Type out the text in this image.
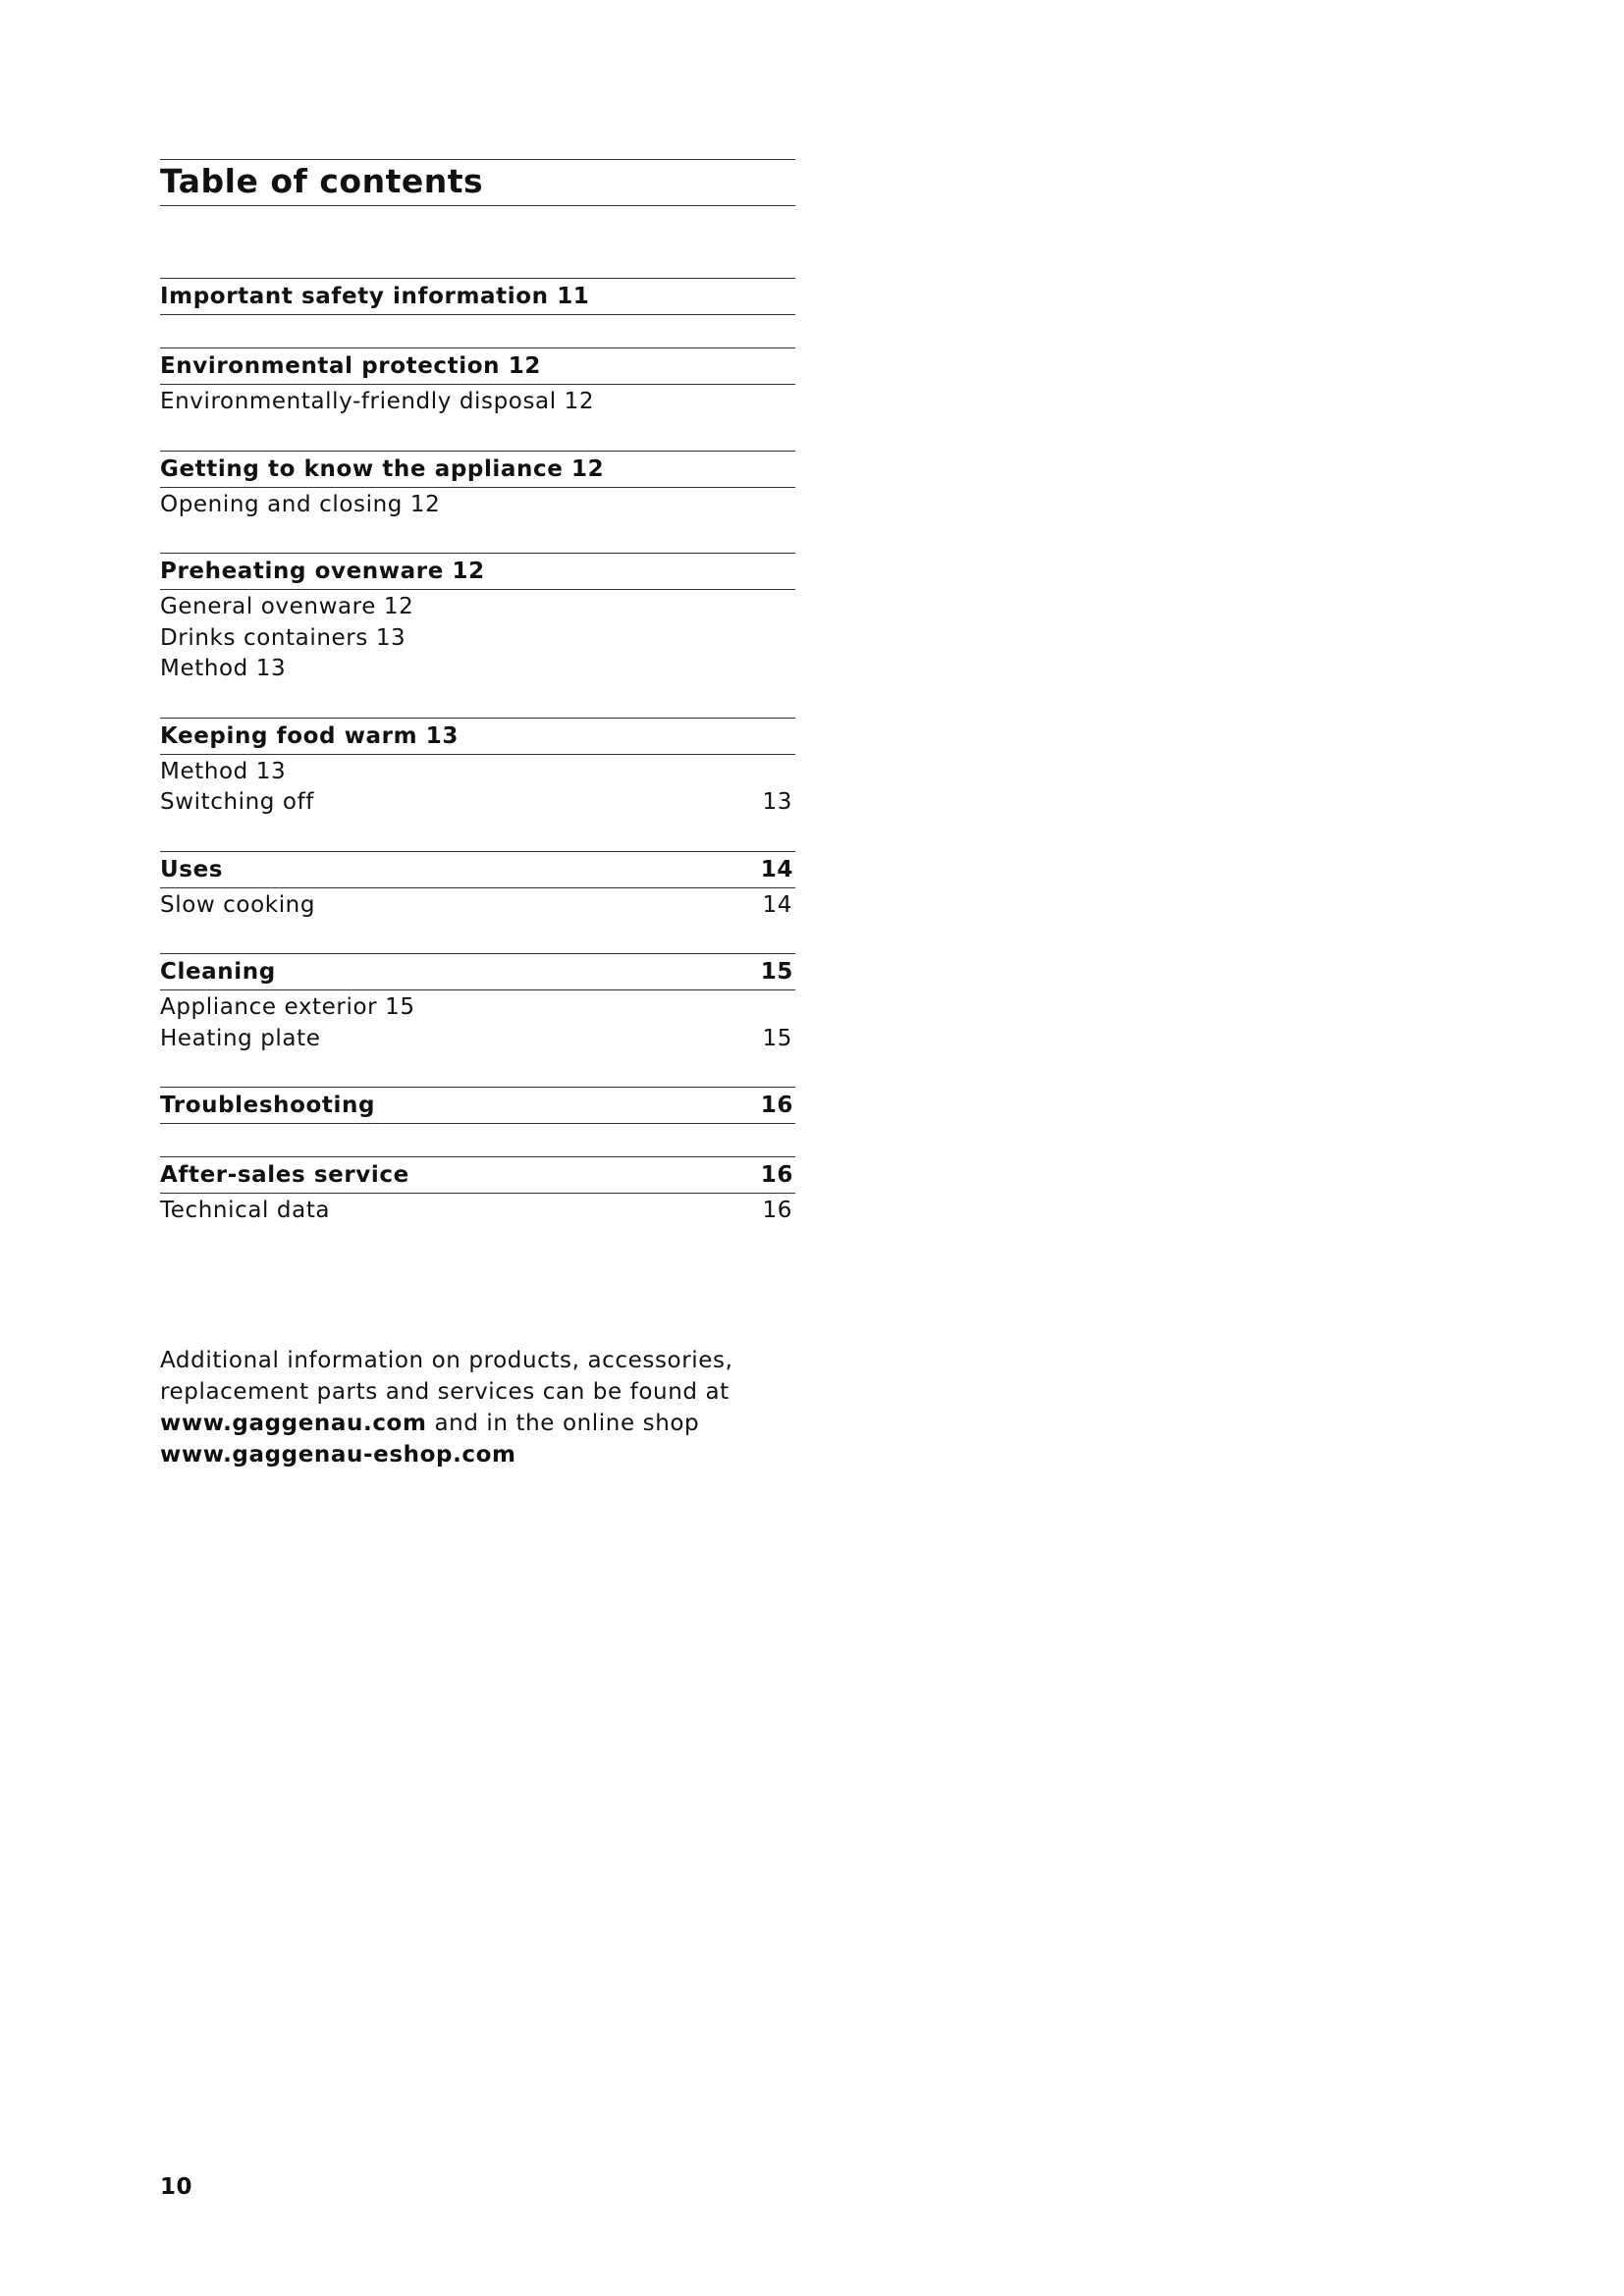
Table of contents
Important safety information 11
Environmental protection 12
Environmentally-friendly disposal 12
Getting to know the appliance 12
Opening and closing 12
Preheating ovenware 12
General ovenware 12
Drinks containers 13
Method 13
Keeping food warm 13
Method 13
Switching off	13
Uses	14
Slow cooking	14
Cleaning	15
Appliance exterior 15
Heating plate	15
Troubleshooting	16
After-sales service	16
Technical data	16
Additional information on products, accessories,
replacement parts and services can be found at
www.gaggenau.com and in the online shop
www.gaggenau-eshop.com
10
